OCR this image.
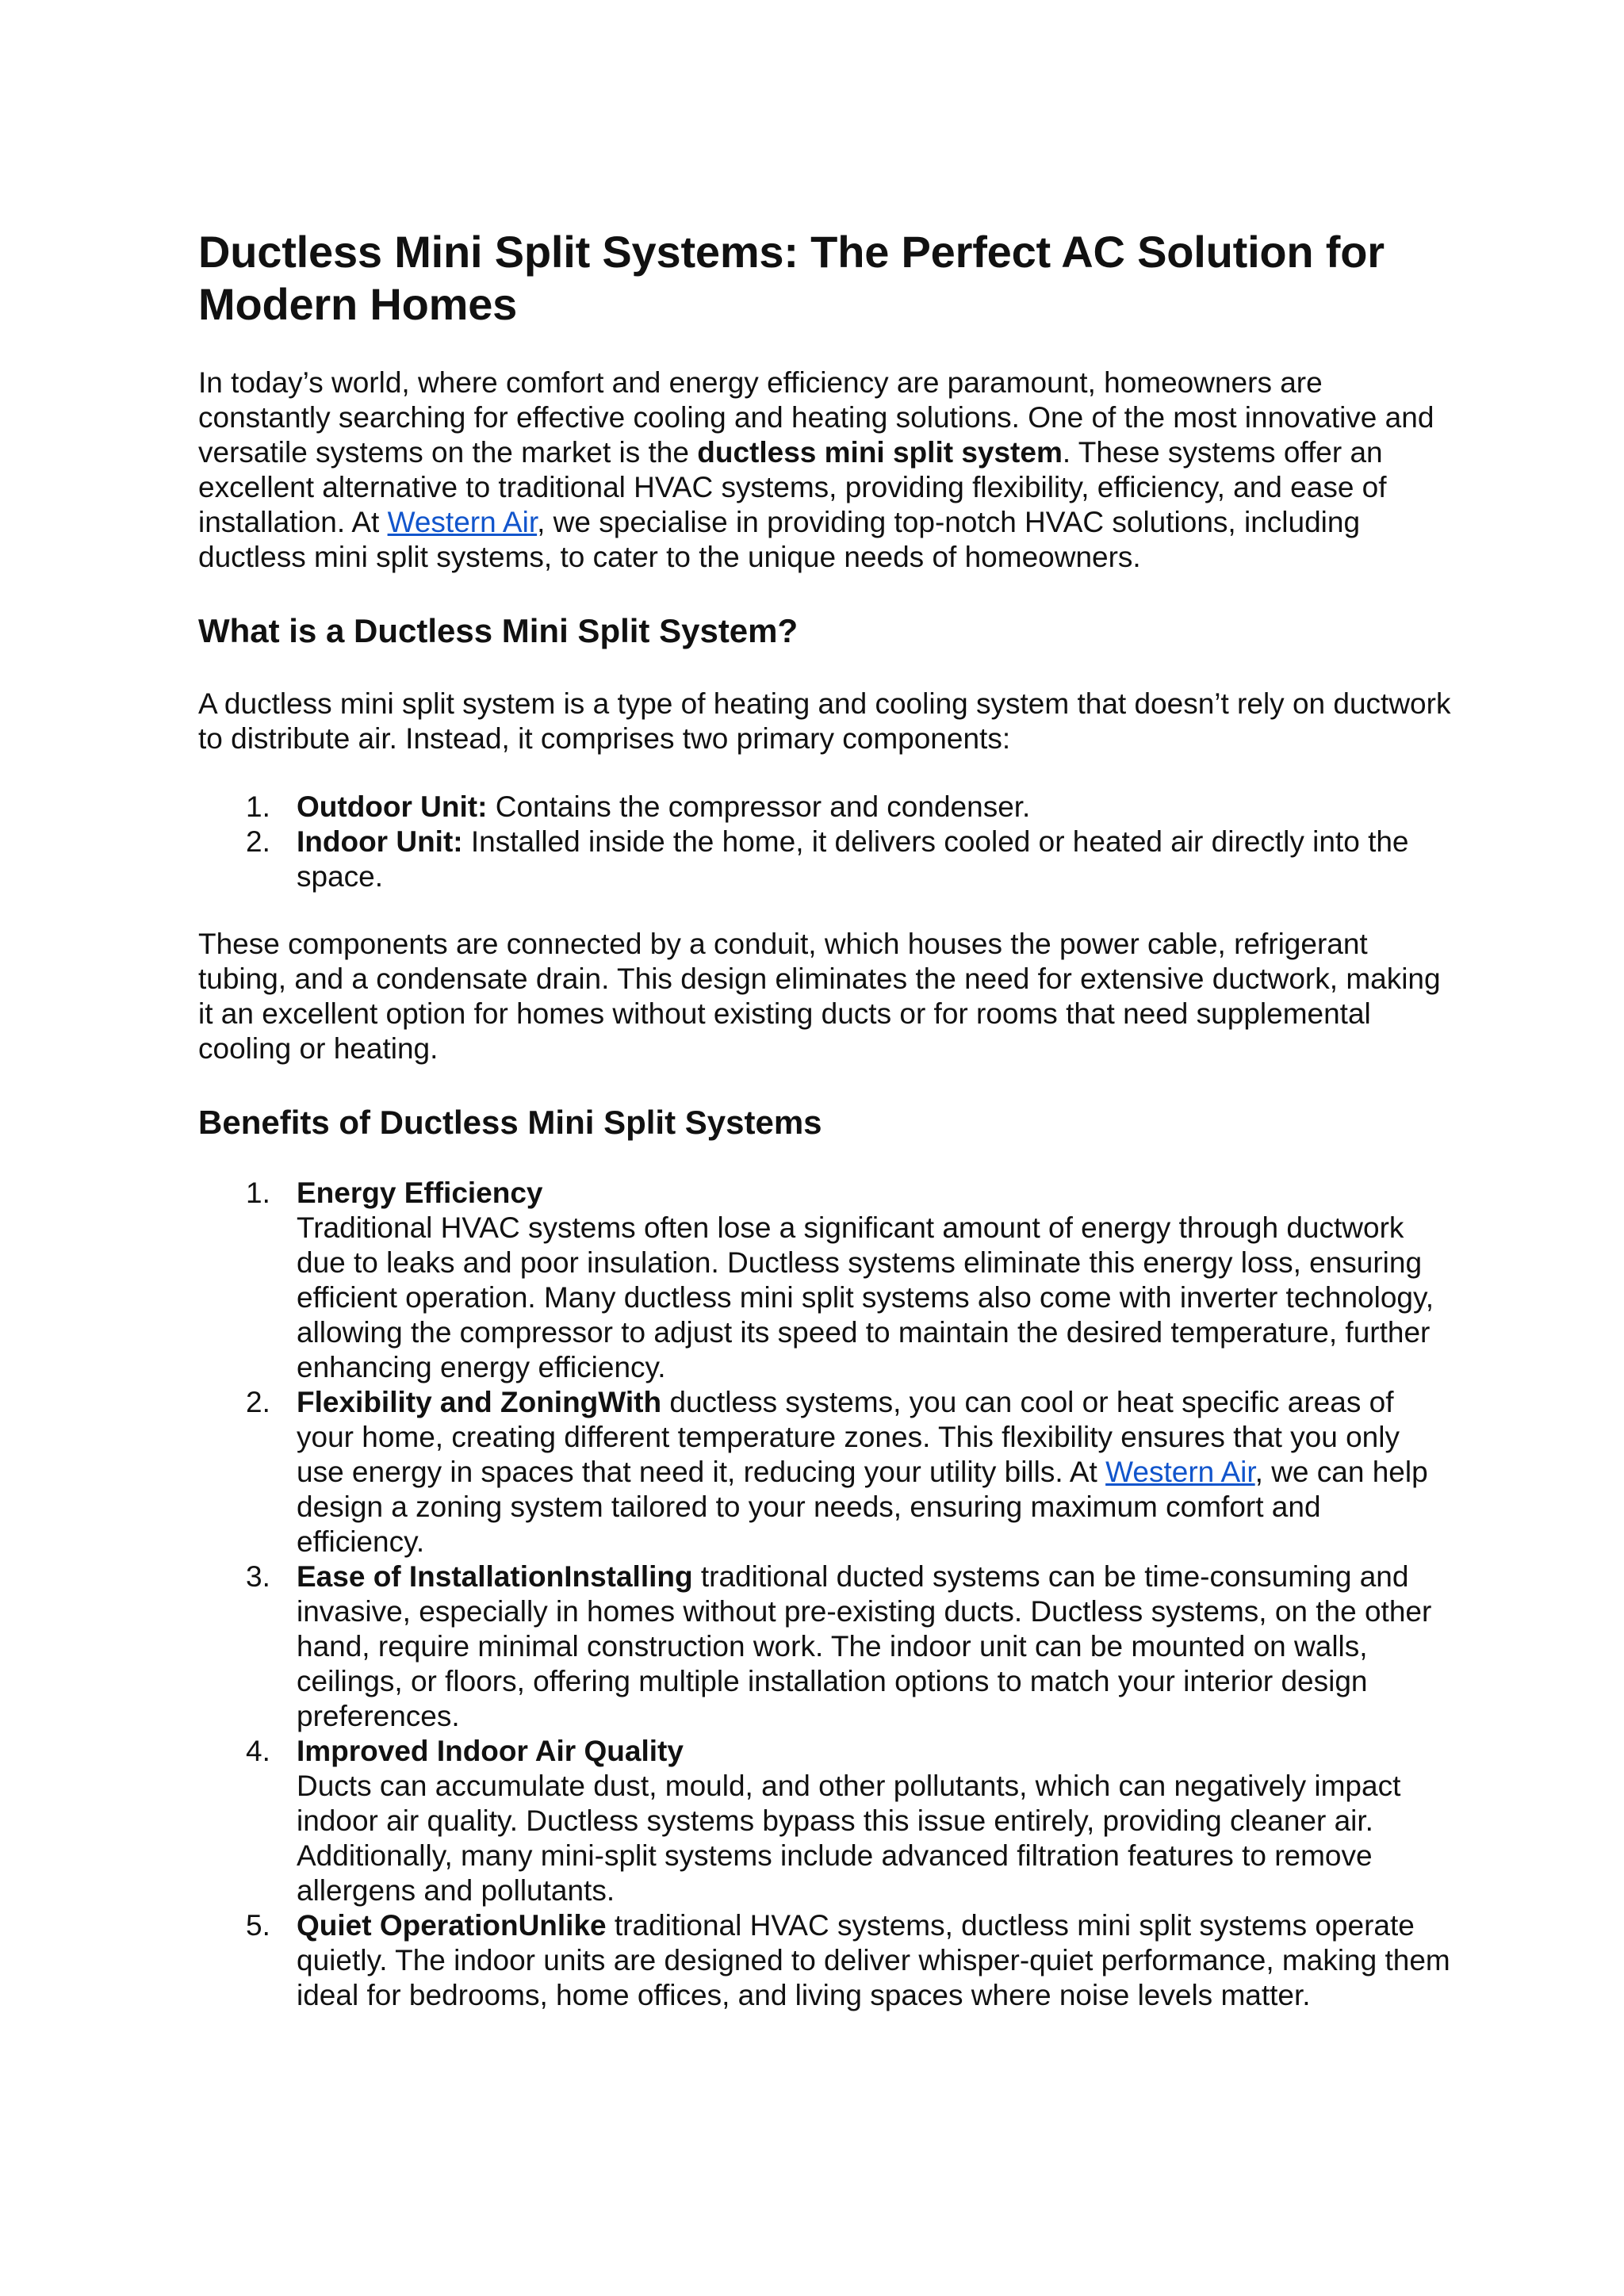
Ductless Mini Split Systems: The Perfect AC Solution for Modern Homes

In today’s world, where comfort and energy efficiency are paramount, homeowners are constantly searching for effective cooling and heating solutions. One of the most innovative and versatile systems on the market is the ductless mini split system. These systems offer an excellent alternative to traditional HVAC systems, providing flexibility, efficiency, and ease of installation. At Western Air, we specialise in providing top-notch HVAC solutions, including ductless mini split systems, to cater to the unique needs of homeowners.

What is a Ductless Mini Split System?

A ductless mini split system is a type of heating and cooling system that doesn’t rely on ductwork to distribute air. Instead, it comprises two primary components:

1. Outdoor Unit: Contains the compressor and condenser.
2. Indoor Unit: Installed inside the home, it delivers cooled or heated air directly into the space.

These components are connected by a conduit, which houses the power cable, refrigerant tubing, and a condensate drain. This design eliminates the need for extensive ductwork, making it an excellent option for homes without existing ducts or for rooms that need supplemental cooling or heating.

Benefits of Ductless Mini Split Systems
1. Energy Efficiency
Traditional HVAC systems often lose a significant amount of energy through ductwork due to leaks and poor insulation. Ductless systems eliminate this energy loss, ensuring efficient operation. Many ductless mini split systems also come with inverter technology, allowing the compressor to adjust its speed to maintain the desired temperature, further enhancing energy efficiency.
2. Flexibility and ZoningWith ductless systems, you can cool or heat specific areas of your home, creating different temperature zones. This flexibility ensures that you only use energy in spaces that need it, reducing your utility bills. At Western Air, we can help design a zoning system tailored to your needs, ensuring maximum comfort and efficiency.
3. Ease of InstallationInstalling traditional ducted systems can be time-consuming and invasive, especially in homes without pre-existing ducts. Ductless systems, on the other hand, require minimal construction work. The indoor unit can be mounted on walls, ceilings, or floors, offering multiple installation options to match your interior design preferences.
4. Improved Indoor Air Quality
Ducts can accumulate dust, mould, and other pollutants, which can negatively impact indoor air quality. Ductless systems bypass this issue entirely, providing cleaner air. Additionally, many mini-split systems include advanced filtration features to remove allergens and pollutants.
5. Quiet OperationUnlike traditional HVAC systems, ductless mini split systems operate quietly. The indoor units are designed to deliver whisper-quiet performance, making them ideal for bedrooms, home offices, and living spaces where noise levels matter.
